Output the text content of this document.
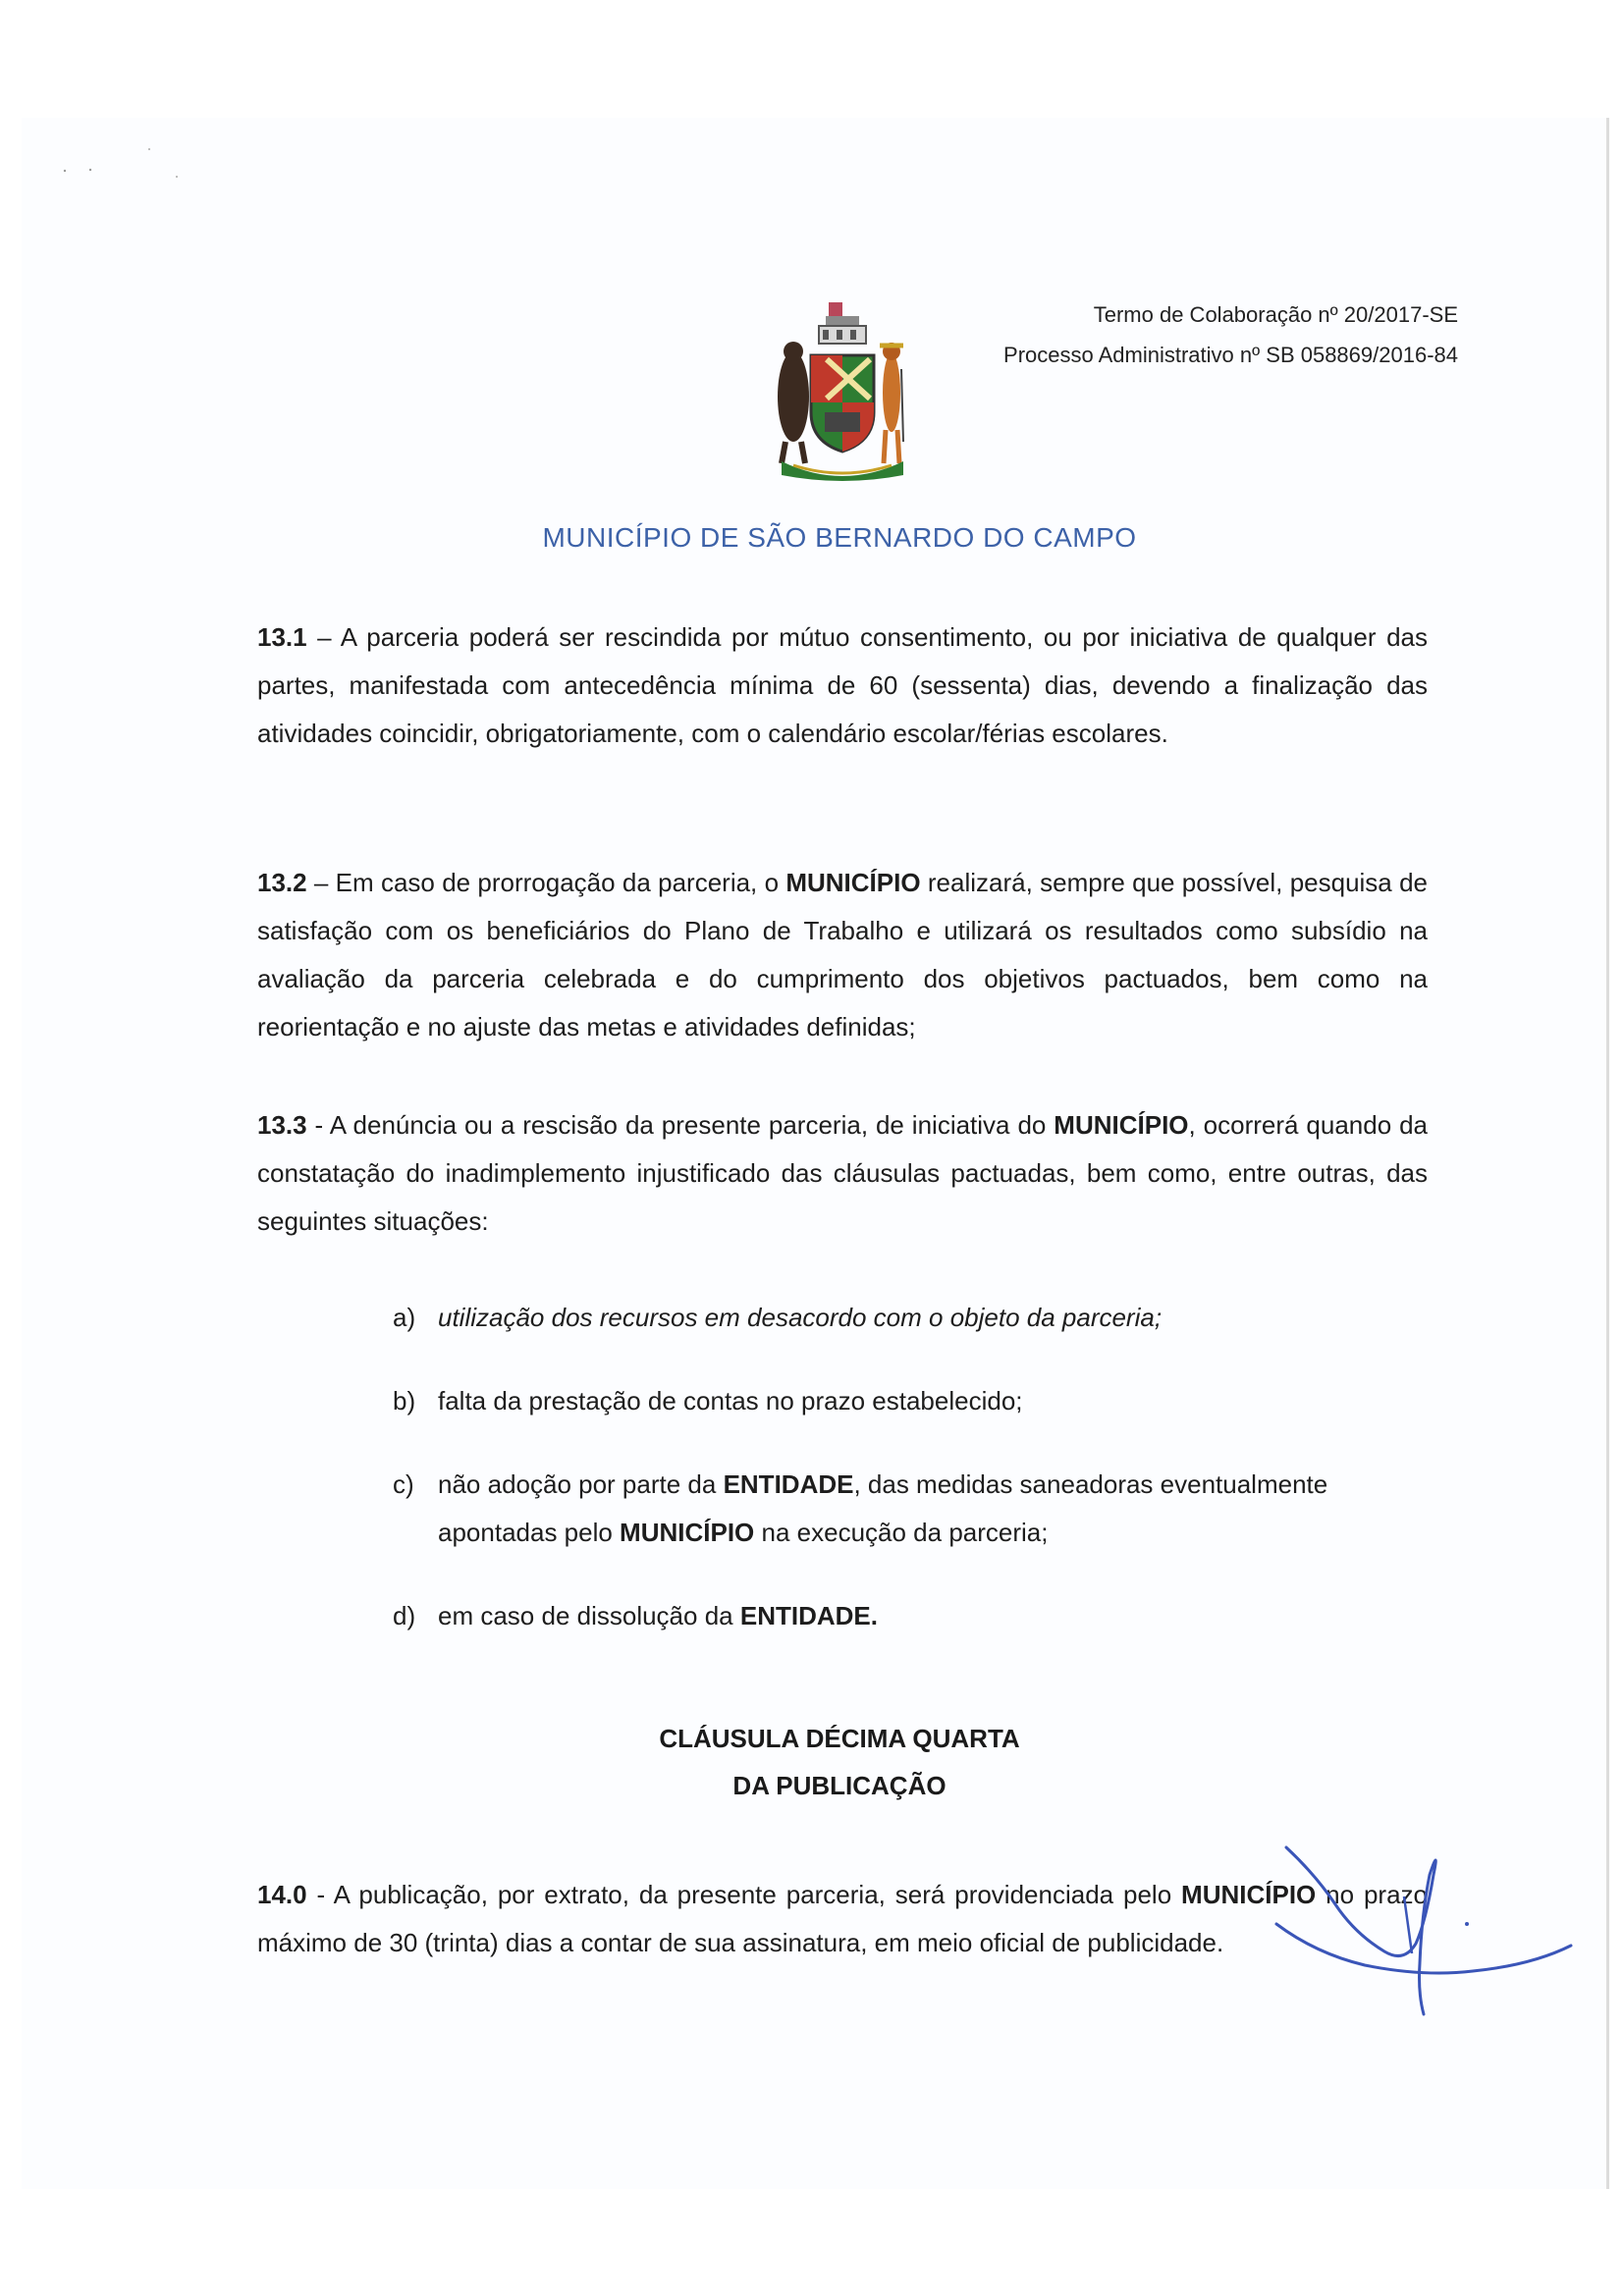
Termo de Colaboração nº 20/2017-SE
Processo Administrativo nº SB 058869/2016-84
MUNICÍPIO DE SÃO BERNARDO DO CAMPO
13.1 – A parceria poderá ser rescindida por mútuo consentimento, ou por iniciativa de qualquer das partes, manifestada com antecedência mínima de 60 (sessenta) dias, devendo a finalização das atividades coincidir, obrigatoriamente, com o calendário escolar/férias escolares.
13.2 – Em caso de prorrogação da parceria, o MUNICÍPIO realizará, sempre que possível, pesquisa de satisfação com os beneficiários do Plano de Trabalho e utilizará os resultados como subsídio na avaliação da parceria celebrada e do cumprimento dos objetivos pactuados, bem como na reorientação e no ajuste das metas e atividades definidas;
13.3 - A denúncia ou a rescisão da presente parceria, de iniciativa do MUNICÍPIO, ocorrerá quando da constatação do inadimplemento injustificado das cláusulas pactuadas, bem como, entre outras, das seguintes situações:
a) utilização dos recursos em desacordo com o objeto da parceria;
b) falta da prestação de contas no prazo estabelecido;
c) não adoção por parte da ENTIDADE, das medidas saneadoras eventualmente apontadas pelo MUNICÍPIO na execução da parceria;
d) em caso de dissolução da ENTIDADE.
CLÁUSULA DÉCIMA QUARTA
DA PUBLICAÇÃO
14.0 - A publicação, por extrato, da presente parceria, será providenciada pelo MUNICÍPIO no prazo máximo de 30 (trinta) dias a contar de sua assinatura, em meio oficial de publicidade.
